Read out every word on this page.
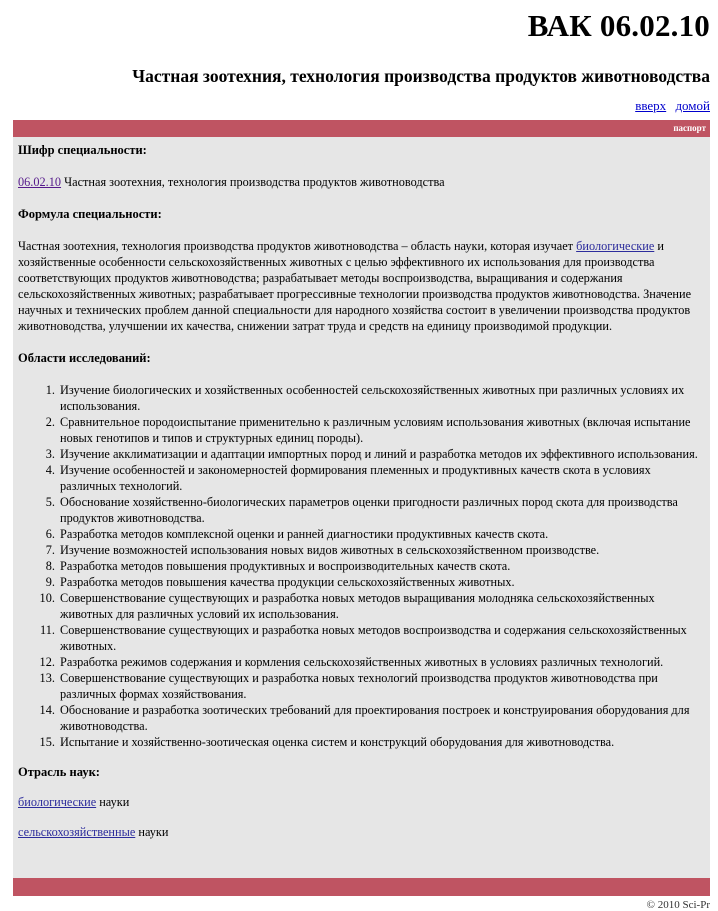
ВАК 06.02.10
Частная зоотехния, технология производства продуктов животноводства
вверх домой
паспорт
Шифр специальности:

06.02.10 Частная зоотехния, технология производства продуктов животноводства

Формула специальности:

Частная зоотехния, технология производства продуктов животноводства – область науки, которая изучает биологические и хозяйственные особенности сельскохозяйственных животных с целью эффективного их использования для производства соответствующих продуктов животноводства; разрабатывает методы воспроизводства, выращивания и содержания сельскохозяйственных животных; разрабатывает прогрессивные технологии производства продуктов животноводства. Значение научных и технических проблем данной специальности для народного хозяйства состоит в увеличении производства продуктов животноводства, улучшении их качества, снижении затрат труда и средств на единицу производимой продукции.

Области исследований:
1. Изучение биологических и хозяйственных особенностей сельскохозяйственных животных при различных условиях их использования.
2. Сравнительное породоиспытание применительно к различным условиям использования животных (включая испытание новых генотипов и типов и структурных единиц породы).
3. Изучение акклиматизации и адаптации импортных пород и линий и разработка методов их эффективного использования.
4. Изучение особенностей и закономерностей формирования племенных и продуктивных качеств скота в условиях различных технологий.
5. Обоснование хозяйственно-биологических параметров оценки пригодности различных пород скота для производства продуктов животноводства.
6. Разработка методов комплексной оценки и ранней диагностики продуктивных качеств скота.
7. Изучение возможностей использования новых видов животных в сельскохозяйственном производстве.
8. Разработка методов повышения продуктивных и воспроизводительных качеств скота.
9. Разработка методов повышения качества продукции сельскохозяйственных животных.
10. Совершенствование существующих и разработка новых методов выращивания молодняка сельскохозяйственных животных для различных условий их использования.
11. Совершенствование существующих и разработка новых методов воспроизводства и содержания сельскохозяйственных животных.
12. Разработка режимов содержания и кормления сельскохозяйственных животных в условиях различных технологий.
13. Совершенствование существующих и разработка новых технологий производства продуктов животноводства при различных формах хозяйствования.
14. Обоснование и разработка зоотических требований для проектирования построек и конструирования оборудования для животноводства.
15. Испытание и хозяйственно-зоотическая оценка систем и конструкций оборудования для животноводства.
Отрасль наук:

биологические науки

сельскохозяйственные науки

© 2010 Sci-Pr
